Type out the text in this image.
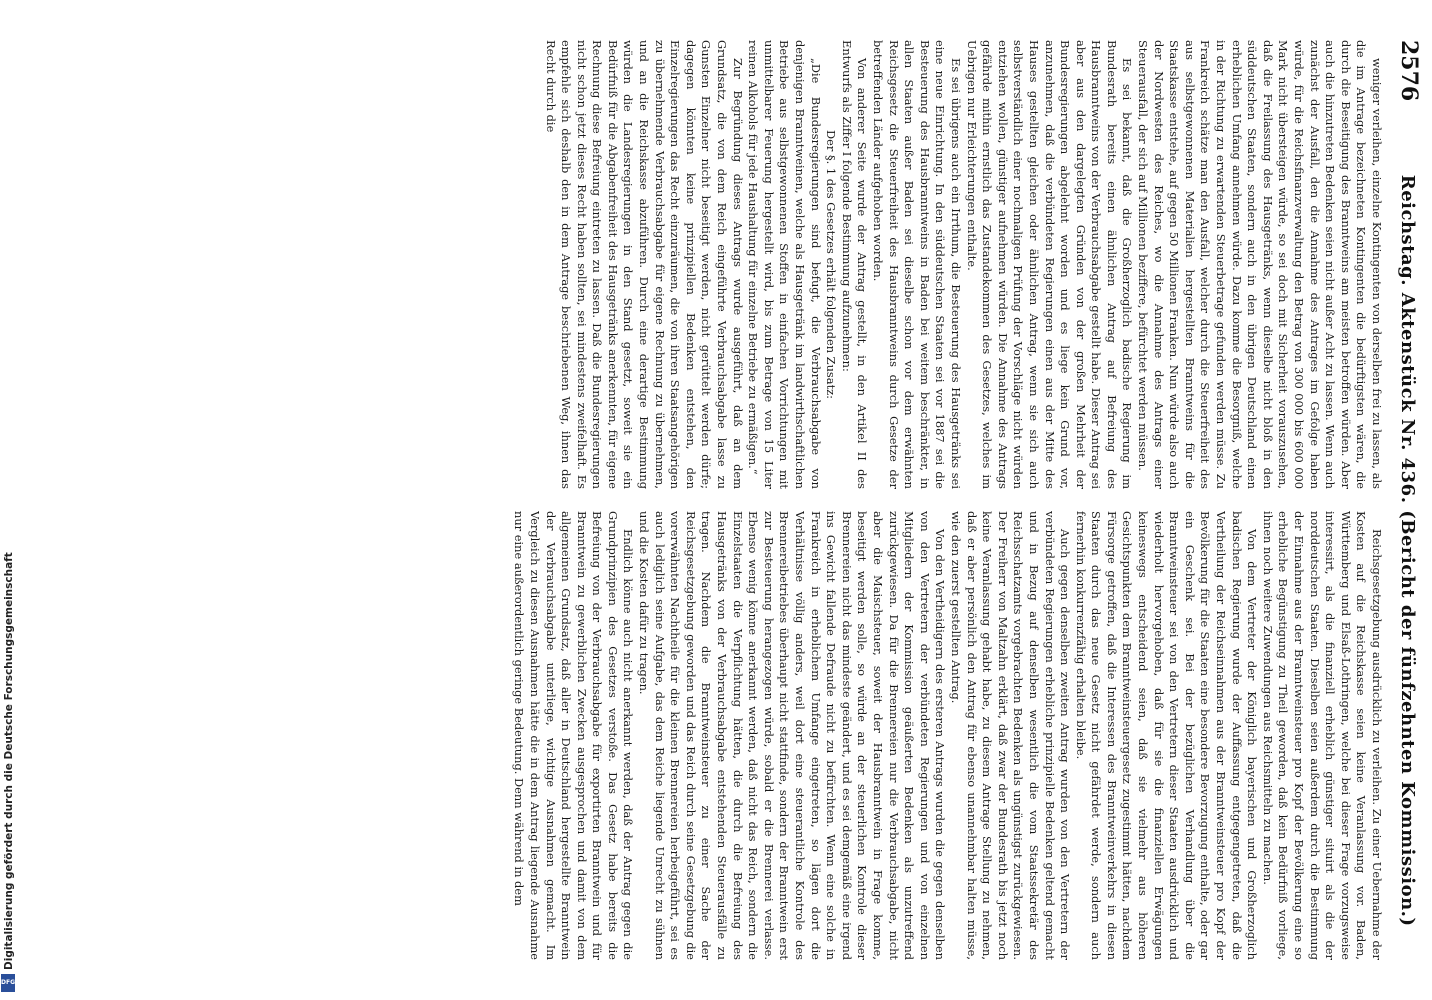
Digitalisierung gefördert durch die Deutsche Forschungsgemeinschaft
DFG
2576
Reichstag. Aktenstück Nr. 436. (Bericht der fünfzehnten Kommission.)

weniger verleihen, einzelne Kontingenten von derselben frei zu lassen, als die im Antrage bezeichneten Kontingenten die bedürftigsten wären, die durch die Beseitigung des Branntweins am meisten betroffen würden. Aber auch die hinzutreten Bedenken seien nicht außer Acht zu lassen. Wenn auch zunächst der Ausfall, den die Annahme des Antrages im Gefolge haben würde, für die Reichsfinanzverwaltung den Betrag von 300 000 bis 600 000 Mark nicht übersteigen würde, so sei doch mit Sicherheit vorauszusehen, daß die Freilassung des Hausgetränks, wenn dieselbe nicht bloß in den süddeutschen Staaten, sondern auch in den übrigen Deutschland einen erheblichen Umfang annehmen würde. Dazu komme die Besorgniß, welche in der Richtung zu erwartenden Steuerbetrage gefunden werden müsse. Zu Frankreich schätze man den Ausfall, welcher durch die Steuerfreiheit des aus selbstgewonnenen Materialien hergestellten Branntweins für die Staatskasse entstehe, auf gegen 50 Millionen Franken. Nun würde also auch der Nordwesten des Reiches, wo die Annahme des Antrags einer Steuerausfall, der sich auf Millionen beziffere, befürchtet werden müssen.

Es sei bekannt, daß die Großherzoglich badische Regierung im Bundesrath bereits einen ähnlichen Antrag auf Befreiung des Hausbranntweins von der Verbrauchsabgabe gestellt habe. Dieser Antrag sei aber aus den dargelegten Gründen von der großen Mehrheit der Bundesregierungen abgelehnt worden und es liege kein Grund vor, anzunehmen, daß die verbündeten Regierungen einen aus der Mitte des Hauses gestellten gleichen oder ähnlichen Antrag, wenn sie sich auch selbstverständlich einer nochmaligen Prüfung der Vorschläge nicht würden entziehen wollen, günstiger aufnehmen würden. Die Annahme des Antrags gefährde mithin ernstlich das Zustandekommen des Gesetzes, welches im Uebrigen nur Erleichterungen enthalte.

Es sei übrigens auch ein Irrthum, die Besteuerung des Hausgetränks sei eine neue Einrichtung. In den süddeutschen Staaten sei vor 1887 sei die Besteuerung des Hausbranntweins in Baden bei weitem beschränkter, in allen Staaten außer Baden sei dieselbe schon vor dem erwähnten Reichsgesetz die Steuerfreiheit des Hausbranntweins durch Gesetze der betreffenden Länder aufgehoben worden.

Von anderer Seite wurde der Antrag gestellt, in den Artikel II des Entwurfs als Ziffer I folgende Bestimmung aufzunehmen:

Der §. 1 des Gesetzes erhält folgenden Zusatz:

„Die Bundesregierungen sind befugt, die Verbrauchsabgabe von denjenigen Branntweinen, welche als Hausgetränk im landwirthschaftlichen Betriebe aus selbstgewonnenen Stoffen in einfachen Vorrichtungen mit unmittelbarer Feuerung hergestellt wird, bis zum Betrage von 15 Liter reinen Alkohols für jede Haushaltung für einzelne Betriebe zu ermäßigen.“

Zur Begründung dieses Antrags wurde ausgeführt, daß an dem Grundsatz, die von dem Reich eingeführte Verbrauchsabgabe lasse zu Gunsten Einzelner nicht beseitigt werden, nicht gerüttelt werden dürfe; dagegen könnten keine prinzipiellen Bedenken entstehen, den Einzelregierungen das Recht einzuräumen, die von ihren Staatsangehörigen zu übernehmende Verbrauchsabgabe für eigene Rechnung zu übernehmen, und an die Reichskasse abzuführen. Durch eine derartige Bestimmung würden die Landesregierungen in den Stand gesetzt, soweit sie ein Bedürfniß für die Abgabenfreiheit des Hausgetränks anerkennten, für eigene Rechnung diese Befreiung eintreten zu lassen. Daß die Bundesregierungen nicht schon jetzt dieses Recht haben sollten, sei mindestens zweifelhaft. Es empfehle sich deshalb den in dem Antrage beschriebenen Weg, ihnen das Recht durch die

Reichsgesetzgebung ausdrücklich zu verleihen. Zu einer Uebernahme der Kosten auf die Reichskasse seien keine Veranlassung vor. Baden, Württemberg und Elsaß-Lothringen, welche bei dieser Frage vorzugsweise interessirt, als die finanziell erheblich günstiger situirt als die der norddeutschen Staaten. Dieselben seien außerdem durch die Bestimmung der Einnahme aus der Branntweinsteuer pro Kopf der Bevölkerung eine so erhebliche Begünstigung zu Theil geworden, daß kein Bedürfniß vorliege, ihnen noch weitere Zuwendungen aus Reichsmitteln zu machen.

Von dem Vertreter der Königlich bayerischen und Großherzoglich badischen Regierung wurde der Auffassung entgegengetreten, daß die Vertheilung der Reichseinnahmen aus der Branntweinsteuer pro Kopf der Bevölkerung für die Staaten eine besondere Bevorzugung enthalte, oder gar ein Geschenk sei. Bei der bezüglichen Verhandlung über die Branntweinsteuer sei von den Vertretern dieser Staaten ausdrücklich und wiederholt hervorgehoben, daß für sie die finanziellen Erwägungen keineswegs entscheidend seien, daß sie vielmehr aus höheren Gesichtspunkten dem Branntweinsteuergesetz zugestimmt hätten, nachdem Fürsorge getroffen, daß die Interessen des Branntweinverkehrs in diesen Staaten durch das neue Gesetz nicht gefährdet werde, sondern auch fernerhin konkurrenzfähig erhalten bleibe.

Auch gegen denselben zweiten Antrag wurden von den Vertretern der verbündeten Regierungen erhebliche prinzipielle Bedenken geltend gemacht und in Bezug auf denselben wesentlich die vom Staatssekretär des Reichsschatzamts vorgebrachten Bedenken als ungünstigst zurückgewiesen. Der Freiherr von Maltzahn erklärt, daß zwar der Bundesrath bis jetzt noch keine Veranlassung gehabt habe, zu diesem Antrage Stellung zu nehmen, daß er aber persönlich den Antrag für ebenso unannehmbar halten müsse, wie den zuerst gestellten Antrag.

Von den Vertheidigern des ersteren Antrags wurden die gegen denselben von den Vertretern der verbündeten Regierungen und von einzelnen Mitgliedern der Kommission geäußerten Bedenken als unzutreffend zurückgewiesen. Da für die Brennereien nur die Verbrauchsabgabe, nicht aber die Maischsteuer, soweit der Hausbranntwein in Frage komme, beseitigt werden solle, so würde an der steuerlichen Kontrole dieser Brennereien nicht das mindeste geändert, und es sei demgemäß eine irgend ins Gewicht fallende Defraude nicht zu befürchten. Wenn eine solche in Frankreich in erheblichem Umfange eingetreten, so lägen dort die Verhältnisse völlig anders, weil dort eine steuerantliche Kontrole des Brennereibetriebes überhaupt nicht stattfinde, sondern der Branntwein erst zur Besteuerung herangezogen würde, sobald er die Brennerei verlasse. Ebenso wenig könne anerkannt werden, daß nicht das Reich, sondern die Einzelstaaten die Verpflichtung hätten, die durch die Befreiung des Hausgetränks von der Verbrauchsabgabe entstehenden Steuerausfälle zu tragen. Nachdem die Branntweinsteuer zu einer Sache der Reichsgesetzgebung geworden und das Reich durch seine Gesetzgebung die vorerwähnten Nachtheile für die kleinen Brennereien herbeigeführt, sei es auch lediglich seine Aufgabe, das dem Reiche liegende Unrecht zu sühnen und die Kosten dafür zu tragen.

Endlich könne auch nicht anerkannt werden, daß der Antrag gegen die Grundprinzipien des Gesetzes verstoße. Das Gesetz habe bereits die Befreiung von der Verbrauchsabgabe für exportirten Branntwein und für Branntwein zu gewerblichen Zwecken ausgesprochen und damit von dem allgemeinen Grundsatz, daß aller in Deutschland hergestellte Branntwein der Verbrauchsabgabe unterliege, wichtige Ausnahmen gemacht. Im Vergleich zu diesen Ausnahmen hätte die in dem Antrag liegende Ausnahme nur eine außerordentlich geringe Bedeutung. Denn während in dem
